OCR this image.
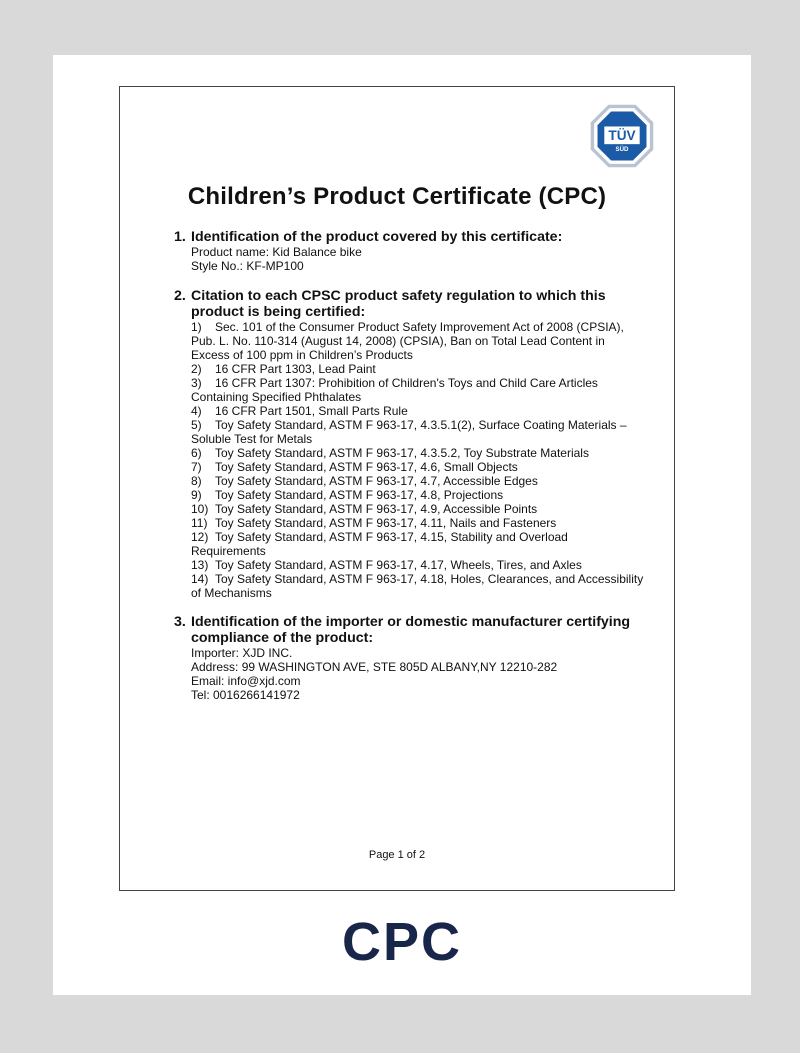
TÜV
SÜD
Children’s Product Certificate (CPC)
1. Identification of the product covered by this certificate:
Product name: Kid Balance bike
Style No.: KF-MP100
2. Citation to each CPSC product safety regulation to which this product is being certified:
1) Sec. 101 of the Consumer Product Safety Improvement Act of 2008 (CPSIA), Pub. L. No. 110-314 (August 14, 2008) (CPSIA), Ban on Total Lead Content in Excess of 100 ppm in Children’s Products
2) 16 CFR Part 1303, Lead Paint
3) 16 CFR Part 1307: Prohibition of Children's Toys and Child Care Articles Containing Specified Phthalates
4) 16 CFR Part 1501, Small Parts Rule
5) Toy Safety Standard, ASTM F 963-17, 4.3.5.1(2), Surface Coating Materials – Soluble Test for Metals
6) Toy Safety Standard, ASTM F 963-17, 4.3.5.2, Toy Substrate Materials
7) Toy Safety Standard, ASTM F 963-17, 4.6, Small Objects
8) Toy Safety Standard, ASTM F 963-17, 4.7, Accessible Edges
9) Toy Safety Standard, ASTM F 963-17, 4.8, Projections
10) Toy Safety Standard, ASTM F 963-17, 4.9, Accessible Points
11) Toy Safety Standard, ASTM F 963-17, 4.11, Nails and Fasteners
12) Toy Safety Standard, ASTM F 963-17, 4.15, Stability and Overload Requirements
13) Toy Safety Standard, ASTM F 963-17, 4.17, Wheels, Tires, and Axles
14) Toy Safety Standard, ASTM F 963-17, 4.18, Holes, Clearances, and Accessibility of Mechanisms
3. Identification of the importer or domestic manufacturer certifying compliance of the product:
Importer: XJD INC.
Address: 99 WASHINGTON AVE, STE 805D ALBANY,NY 12210-282
Email: info@xjd.com
Tel: 0016266141972
Page 1 of 2
CPC
